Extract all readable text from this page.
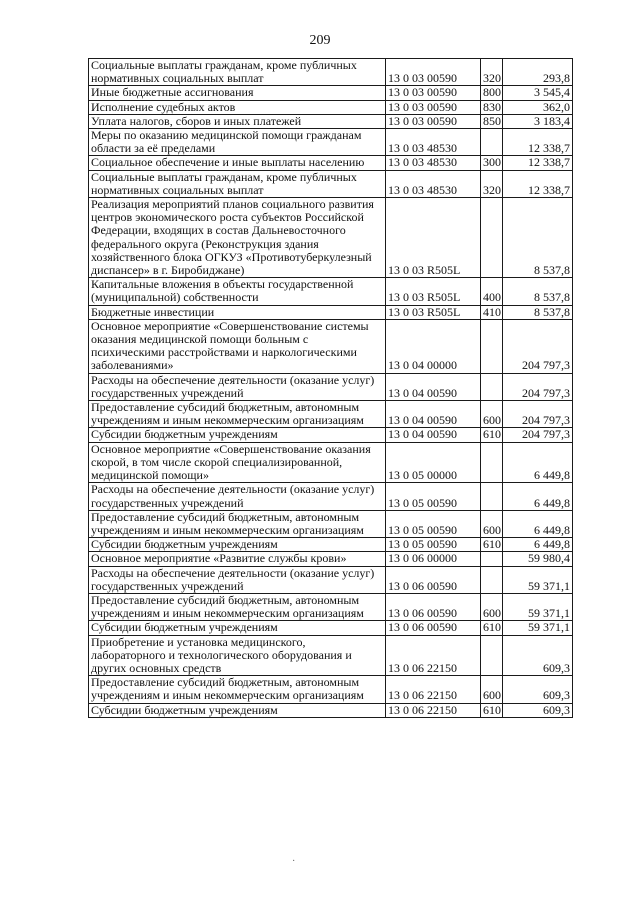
209
Социальные выплаты гражданам, кроме публичных нормативных социальных выплат	13 0 03 00590	320	293,8
Иные бюджетные ассигнования	13 0 03 00590	800	3 545,4
Исполнение судебных актов	13 0 03 00590	830	362,0
Уплата налогов, сборов и иных платежей	13 0 03 00590	850	3 183,4
Меры по оказанию медицинской помощи гражданам области за её пределами	13 0 03 48530		12 338,7
Социальное обеспечение и иные выплаты населению	13 0 03 48530	300	12 338,7
Социальные выплаты гражданам, кроме публичных нормативных социальных выплат	13 0 03 48530	320	12 338,7
Реализация мероприятий планов социального развития центров экономического роста субъектов Российской Федерации, входящих в состав Дальневосточного федерального округа (Реконструкция здания хозяйственного блока ОГКУЗ «Противотуберкулезный диспансер» в г. Биробиджане)	13 0 03 R505L		8 537,8
Капитальные вложения в объекты государственной (муниципальной) собственности	13 0 03 R505L	400	8 537,8
Бюджетные инвестиции	13 0 03 R505L	410	8 537,8
Основное мероприятие «Совершенствование системы оказания медицинской помощи больным с психическими расстройствами и наркологическими заболеваниями»	13 0 04 00000		204 797,3
Расходы на обеспечение деятельности (оказание услуг) государственных учреждений	13 0 04 00590		204 797,3
Предоставление субсидий бюджетным, автономным учреждениям и иным некоммерческим организациям	13 0 04 00590	600	204 797,3
Субсидии бюджетным учреждениям	13 0 04 00590	610	204 797,3
Основное мероприятие «Совершенствование оказания скорой, в том числе скорой специализированной, медицинской помощи»	13 0 05 00000		6 449,8
Расходы на обеспечение деятельности (оказание услуг) государственных учреждений	13 0 05 00590		6 449,8
Предоставление субсидий бюджетным, автономным учреждениям и иным некоммерческим организациям	13 0 05 00590	600	6 449,8
Субсидии бюджетным учреждениям	13 0 05 00590	610	6 449,8
Основное мероприятие «Развитие службы крови»	13 0 06 00000		59 980,4
Расходы на обеспечение деятельности (оказание услуг) государственных учреждений	13 0 06 00590		59 371,1
Предоставление субсидий бюджетным, автономным учреждениям и иным некоммерческим организациям	13 0 06 00590	600	59 371,1
Субсидии бюджетным учреждениям	13 0 06 00590	610	59 371,1
Приобретение и установка медицинского, лабораторного и технологического оборудования и других основных средств	13 0 06 22150		609,3
Предоставление субсидий бюджетным, автономным учреждениям и иным некоммерческим организациям	13 0 06 22150	600	609,3
Субсидии бюджетным учреждениям	13 0 06 22150	610	609,3
·
